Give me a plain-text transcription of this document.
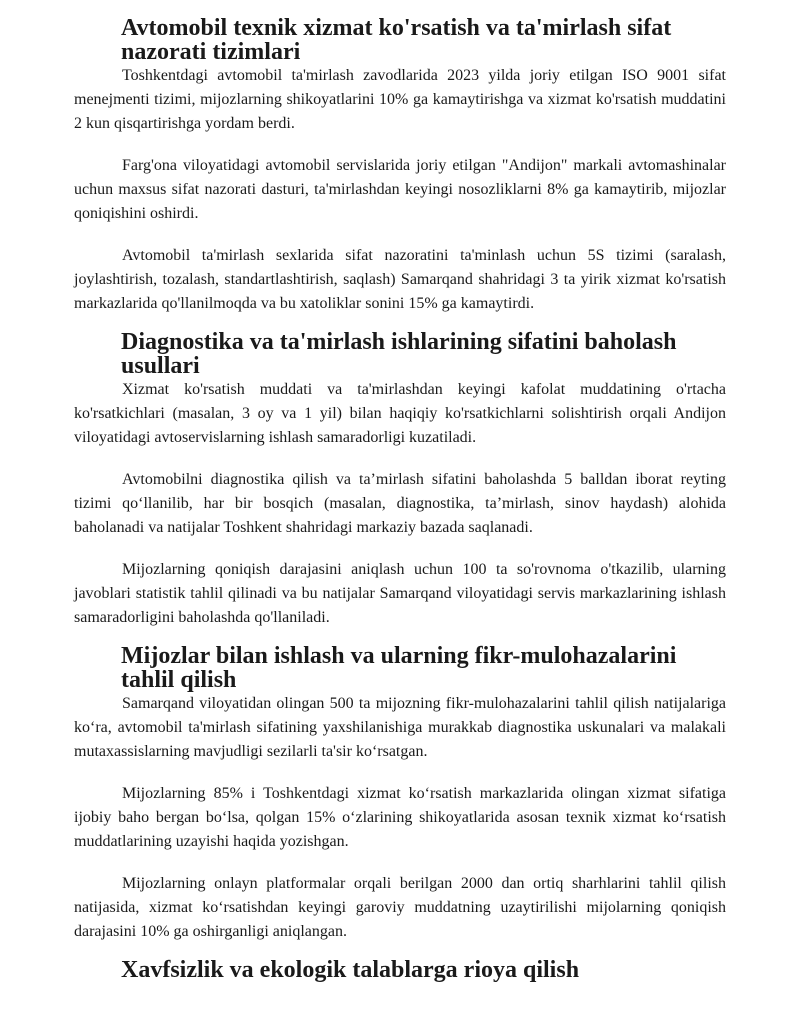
Avtomobil texnik xizmat ko'rsatish va ta'mirlash sifat nazorati tizimlari

Toshkentdagi avtomobil ta'mirlash zavodlarida 2023 yilda joriy etilgan ISO 9001 sifat menejmenti tizimi, mijozlarning shikoyatlarini 10% ga kamaytirishga va xizmat ko'rsatish muddatini 2 kun qisqartirishga yordam berdi.

Farg'ona viloyatidagi avtomobil servislarida joriy etilgan "Andijon" markali avtomashinalar uchun maxsus sifat nazorati dasturi, ta'mirlashdan keyingi nosozliklarni 8% ga kamaytirib, mijozlar qoniqishini oshirdi.

Avtomobil ta'mirlash sexlarida sifat nazoratini ta'minlash uchun 5S tizimi (saralash, joylashtirish, tozalash, standartlashtirish, saqlash) Samarqand shahridagi 3 ta yirik xizmat ko'rsatish markazlarida qo'llanilmoqda va bu xatoliklar sonini 15% ga kamaytirdi.

Diagnostika va ta'mirlash ishlarining sifatini baholash usullari

Xizmat ko'rsatish muddati va ta'mirlashdan keyingi kafolat muddatining o'rtacha ko'rsatkichlari (masalan, 3 oy va 1 yil) bilan haqiqiy ko'rsatkichlarni solishtirish orqali Andijon viloyatidagi avtoservislarning ishlash samaradorligi kuzatiladi.

Avtomobilni diagnostika qilish va ta’mirlash sifatini baholashda 5 balldan iborat reyting tizimi qo‘llanilib, har bir bosqich (masalan, diagnostika, ta’mirlash, sinov haydash) alohida baholanadi va natijalar Toshkent shahridagi markaziy bazada saqlanadi.

Mijozlarning qoniqish darajasini aniqlash uchun 100 ta so'rovnoma o'tkazilib, ularning javoblari statistik tahlil qilinadi va bu natijalar Samarqand viloyatidagi servis markazlarining ishlash samaradorligini baholashda qo'llaniladi.

Mijozlar bilan ishlash va ularning fikr-mulohazalarini tahlil qilish

Samarqand viloyatidan olingan 500 ta mijozning fikr-mulohazalarini tahlil qilish natijalariga ko‘ra, avtomobil ta'mirlash sifatining yaxshilanishiga murakkab diagnostika uskunalari va malakali mutaxassislarning mavjudligi sezilarli ta'sir ko‘rsatgan.

Mijozlarning 85% i Toshkentdagi xizmat ko‘rsatish markazlarida olingan xizmat sifatiga ijobiy baho bergan bo‘lsa, qolgan 15% o‘zlarining shikoyatlarida asosan texnik xizmat ko‘rsatish muddatlarining uzayishi haqida yozishgan.

Mijozlarning onlayn platformalar orqali berilgan 2000 dan ortiq sharhlarini tahlil qilish natijasida, xizmat ko‘rsatishdan keyingi garoviy muddatning uzaytirilishi mijolarning qoniqish darajasini 10% ga oshirganligi aniqlangan.

Xavfsizlik va ekologik talablarga rioya qilish
